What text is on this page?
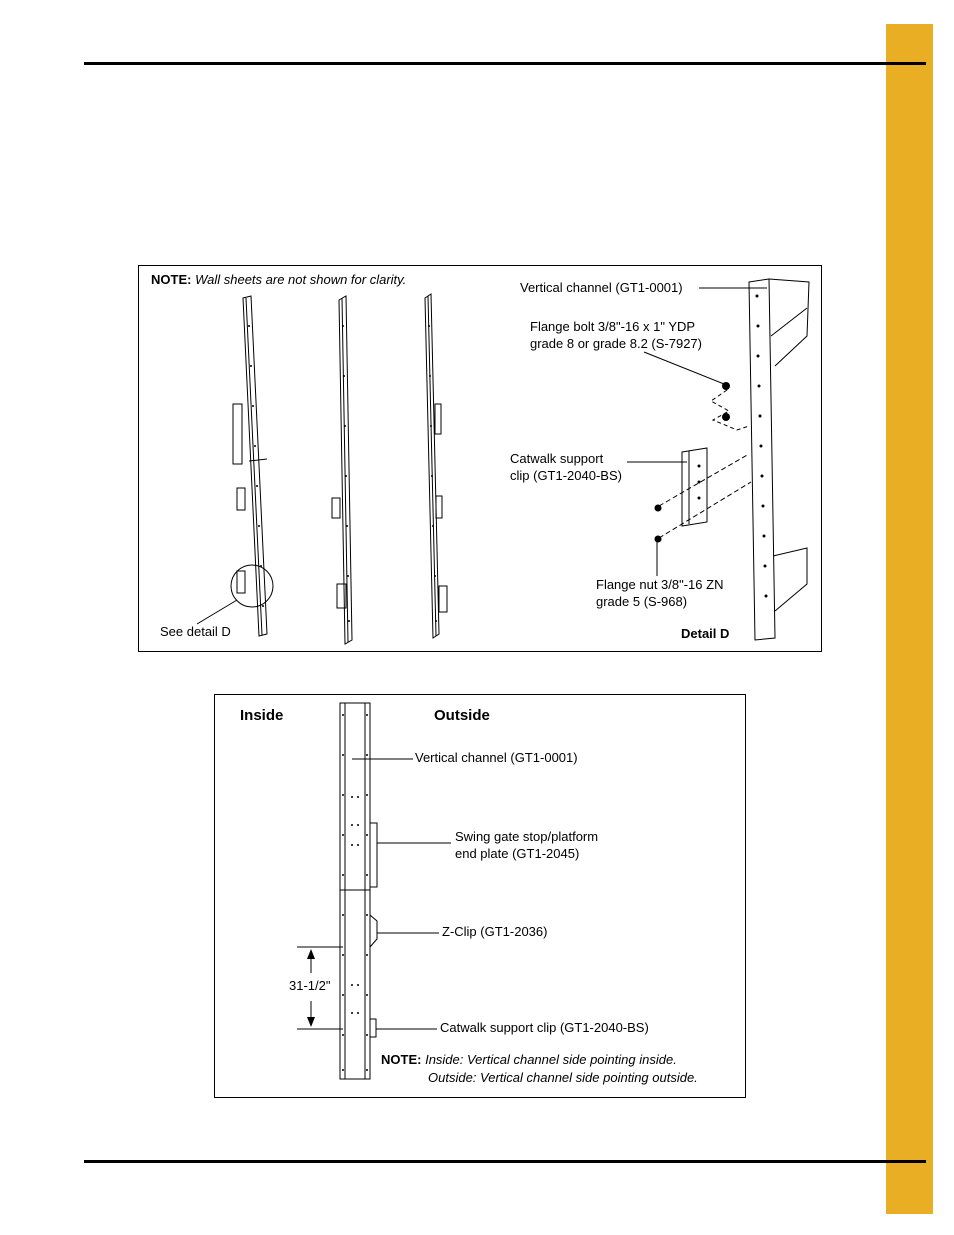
NOTE: Wall sheets are not shown for clarity.
See detail D	Detail D
Vertical channel (GT1-0001)
Flange bolt 3/8"-16 x 1" YDP
grade 8 or grade 8.2 (S-7927)
Catwalk support
clip (GT1-2040-BS)
Flange nut 3/8"-16 ZN
grade 5 (S-968)
Inside	Outside
Vertical channel (GT1-0001)
Swing gate stop/platform
end plate (GT1-2045)
Z-Clip (GT1-2036)
31-1/2"
Catwalk support clip (GT1-2040-BS)
NOTE: Inside: Vertical channel side pointing inside.
Outside: Vertical channel side pointing outside.
